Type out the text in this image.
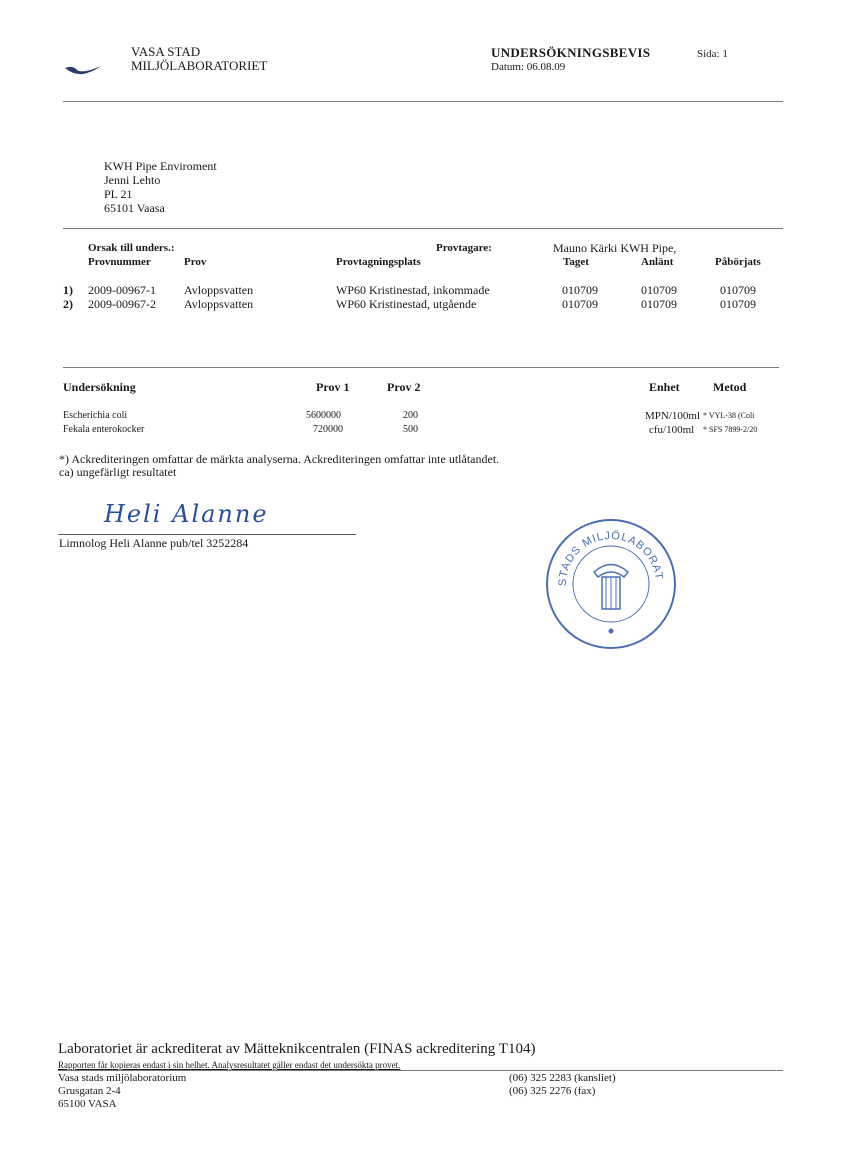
VASA STAD
MILJÖLABORATORIET
UNDERSÖKNINGSBEVIS	Sida: 1
Datum: 06.08.09
KWH Pipe Enviroment
Jenni Lehto
PL 21
65101 Vaasa
Orsak till unders.:	Provtagare:	Mauno Kärki KWH Pipe,
Provnummer	Prov	Provtagningsplats	Taget	Anlänt	Påbörjats
1) 2009-00967-1 Avloppsvatten	WP60 Kristinestad, inkommade	010709	010709	010709
2) 2009-00967-2 Avloppsvatten	WP60 Kristinestad, utgående	010709	010709	010709
Undersökning	Prov 1	Prov 2	Enhet	Metod
Escherichia coli	5600000	200	MPN/100ml * VYL-38 (Coli
Fekala enterokocker	720000	500	cfu/100ml * SFS 7899-2/20
*) Ackrediteringen omfattar de märkta analyserna. Ackrediteringen omfattar inte utlåtandet.
ca) ungefärligt resultatet
Heli Alanne
Limnolog Heli Alanne pub/tel 3252284
STADS MILJÖLABORAT
Laboratoriet är ackrediterat av Mätteknikcentralen (FINAS ackreditering T104)
Rapporten får kopieras endast i sin helhet. Analysresultatet gäller endast det undersökta provet.
Vasa stads miljölaboratorium
Grusgatan 2-4
65100 VASA
(06) 325 2283 (kansliet)
(06) 325 2276 (fax)
